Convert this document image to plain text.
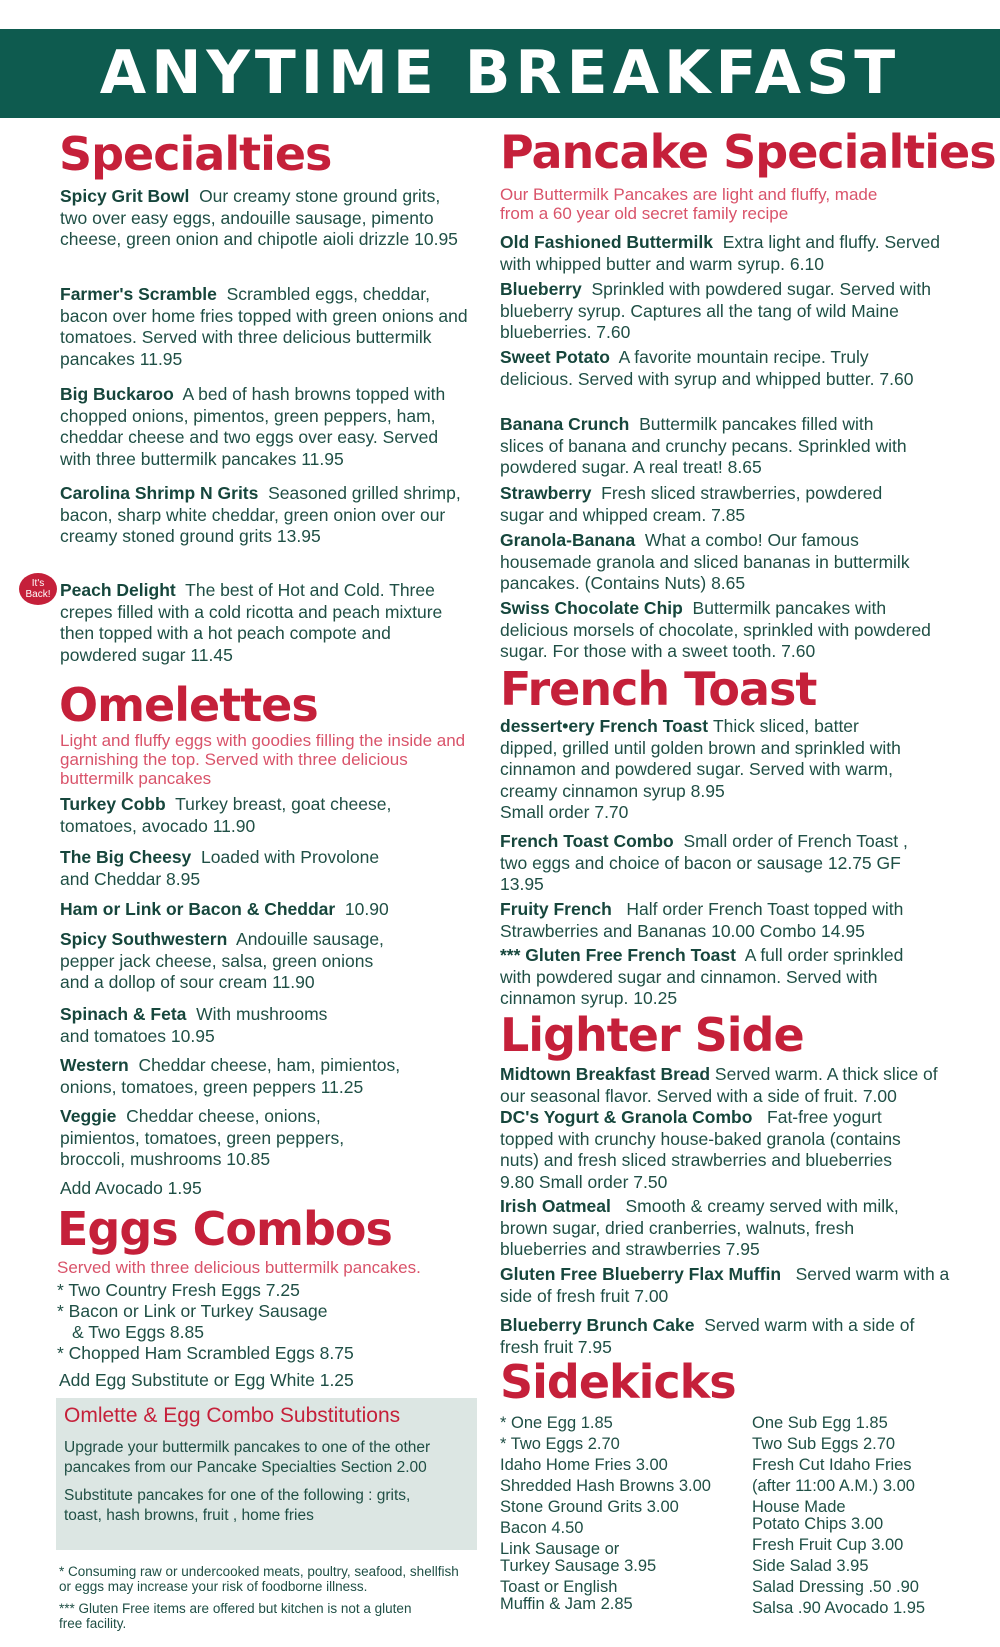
ANYTIME BREAKFAST
Specialties
Spicy Grit Bowl Our creamy stone ground grits, two over easy eggs, andouille sausage, pimento cheese, green onion and chipotle aioli drizzle 10.95
Farmer's Scramble Scrambled eggs, cheddar, bacon over home fries topped with green onions and tomatoes. Served with three delicious buttermilk pancakes 11.95
Big Buckaroo A bed of hash browns topped with chopped onions, pimentos, green peppers, ham, cheddar cheese and two eggs over easy. Served with three buttermilk pancakes 11.95
Carolina Shrimp N Grits Seasoned grilled shrimp, bacon, sharp white cheddar, green onion over our creamy stoned ground grits 13.95
It's Back! Peach Delight The best of Hot and Cold. Three crepes filled with a cold ricotta and peach mixture then topped with a hot peach compote and powdered sugar 11.45
Omelettes
Light and fluffy eggs with goodies filling the inside and garnishing the top. Served with three delicious buttermilk pancakes
Turkey Cobb Turkey breast, goat cheese, tomatoes, avocado 11.90
The Big Cheesy Loaded with Provolone and Cheddar 8.95
Ham or Link or Bacon & Cheddar 10.90
Spicy Southwestern Andouille sausage, pepper jack cheese, salsa, green onions and a dollop of sour cream 11.90
Spinach & Feta With mushrooms and tomatoes 10.95
Western Cheddar cheese, ham, pimientos, onions, tomatoes, green peppers 11.25
Veggie Cheddar cheese, onions, pimientos, tomatoes, green peppers, broccoli, mushrooms 10.85
Add Avocado 1.95
Eggs Combos
Served with three delicious buttermilk pancakes.
* Two Country Fresh Eggs 7.25
* Bacon or Link or Turkey Sausage
& Two Eggs 8.85
* Chopped Ham Scrambled Eggs 8.75
Add Egg Substitute or Egg White 1.25
Omlette & Egg Combo Substitutions
Upgrade your buttermilk pancakes to one of the other pancakes from our Pancake Specialties Section 2.00
Substitute pancakes for one of the following : grits, toast, hash browns, fruit , home fries
* Consuming raw or undercooked meats, poultry, seafood, shellfish or eggs may increase your risk of foodborne illness.
*** Gluten Free items are offered but kitchen is not a gluten free facility.
Pancake Specialties
Our Buttermilk Pancakes are light and fluffy, made from a 60 year old secret family recipe
Old Fashioned Buttermilk Extra light and fluffy. Served with whipped butter and warm syrup. 6.10
Blueberry Sprinkled with powdered sugar. Served with blueberry syrup. Captures all the tang of wild Maine blueberries. 7.60
Sweet Potato A favorite mountain recipe. Truly delicious. Served with syrup and whipped butter. 7.60
Banana Crunch Buttermilk pancakes filled with slices of banana and crunchy pecans. Sprinkled with powdered sugar. A real treat! 8.65
Strawberry Fresh sliced strawberries, powdered sugar and whipped cream. 7.85
Granola-Banana What a combo! Our famous housemade granola and sliced bananas in buttermilk pancakes. (Contains Nuts) 8.65
Swiss Chocolate Chip Buttermilk pancakes with delicious morsels of chocolate, sprinkled with powdered sugar. For those with a sweet tooth. 7.60
French Toast
dessert•ery French Toast Thick sliced, batter dipped, grilled until golden brown and sprinkled with cinnamon and powdered sugar. Served with warm, creamy cinnamon syrup 8.95
Small order 7.70
French Toast Combo Small order of French Toast , two eggs and choice of bacon or sausage 12.75 GF 13.95
Fruity French Half order French Toast topped with Strawberries and Bananas 10.00 Combo 14.95
*** Gluten Free French Toast A full order sprinkled with powdered sugar and cinnamon. Served with cinnamon syrup. 10.25
Lighter Side
Midtown Breakfast Bread Served warm. A thick slice of our seasonal flavor. Served with a side of fruit. 7.00
DC's Yogurt & Granola Combo Fat-free yogurt topped with crunchy house-baked granola (contains nuts) and fresh sliced strawberries and blueberries 9.80 Small order 7.50
Irish Oatmeal Smooth & creamy served with milk, brown sugar, dried cranberries, walnuts, fresh blueberries and strawberries 7.95
Gluten Free Blueberry Flax Muffin Served warm with a side of fresh fruit 7.00
Blueberry Brunch Cake Served warm with a side of fresh fruit 7.95
Sidekicks
* One Egg 1.85
* Two Eggs 2.70
Idaho Home Fries 3.00
Shredded Hash Browns 3.00
Stone Ground Grits 3.00
Bacon 4.50
Link Sausage or
Turkey Sausage 3.95
Toast or English
Muffin & Jam 2.85
One Sub Egg 1.85
Two Sub Eggs 2.70
Fresh Cut Idaho Fries
(after 11:00 A.M.) 3.00
House Made
Potato Chips 3.00
Fresh Fruit Cup 3.00
Side Salad 3.95
Salad Dressing .50 .90
Salsa .90 Avocado 1.95
